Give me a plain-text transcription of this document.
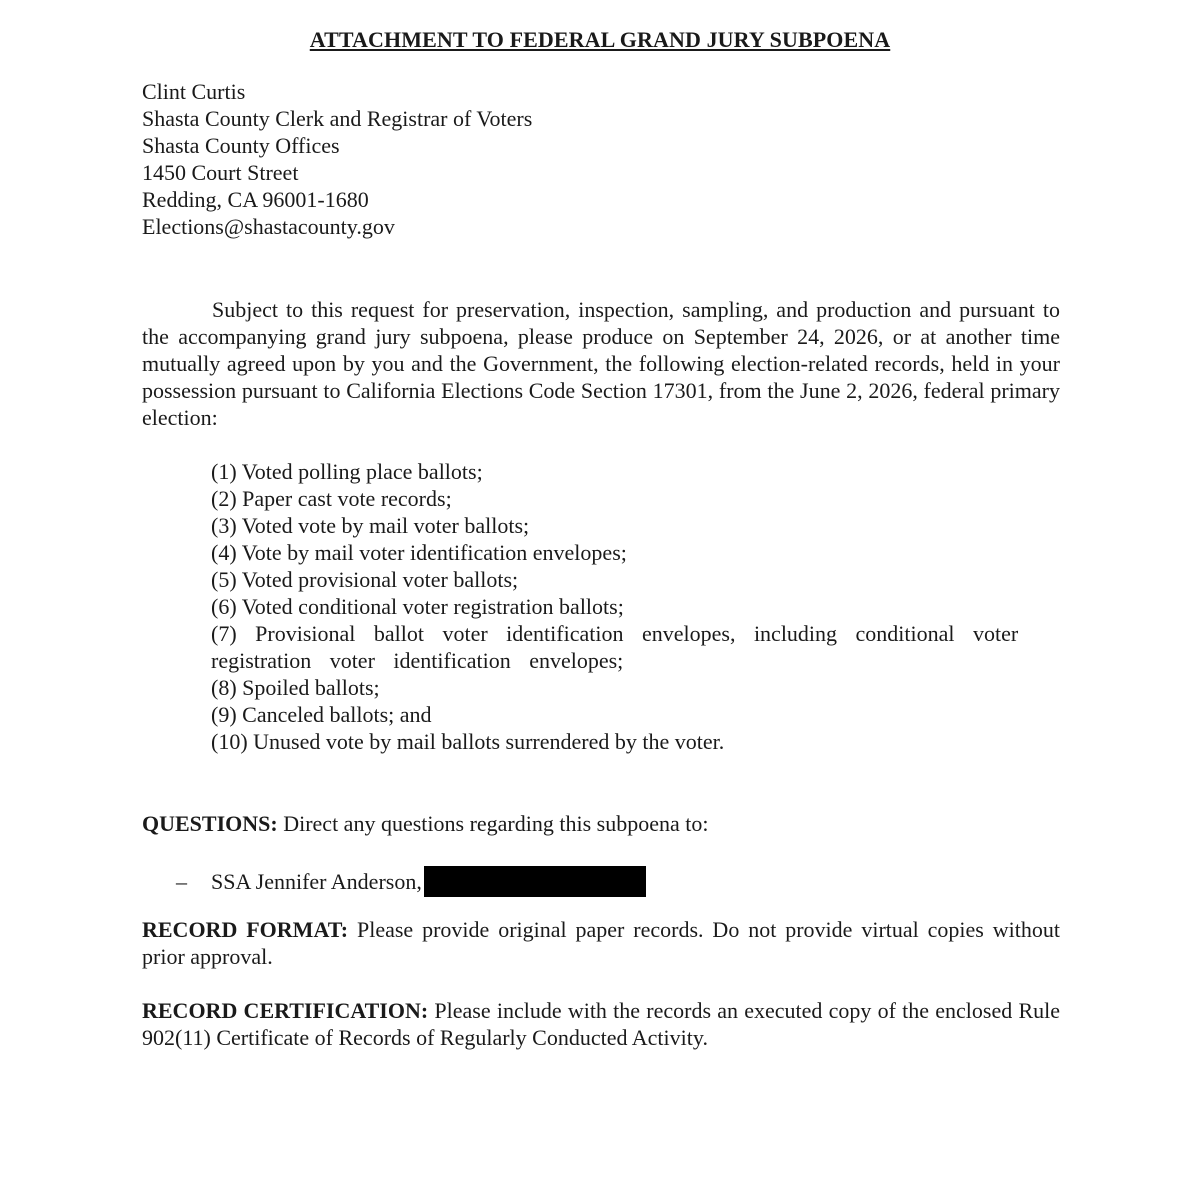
ATTACHMENT TO FEDERAL GRAND JURY SUBPOENA
Clint Curtis
Shasta County Clerk and Registrar of Voters
Shasta County Offices
1450 Court Street
Redding, CA 96001-1680
Elections@shastacounty.gov

Subject to this request for preservation, inspection, sampling, and production and pursuant to the accompanying grand jury subpoena, please produce on September 24, 2026, or at another time mutually agreed upon by you and the Government, the following election-related records, held in your possession pursuant to California Elections Code Section 17301, from the June 2, 2026, federal primary election:

(1) Voted polling place ballots;
(2) Paper cast vote records;
(3) Voted vote by mail voter ballots;
(4) Vote by mail voter identification envelopes;
(5) Voted provisional voter ballots;
(6) Voted conditional voter registration ballots;
(7) Provisional ballot voter identification envelopes, including conditional voter registration voter identification envelopes;
(8) Spoiled ballots;
(9) Canceled ballots; and
(10) Unused vote by mail ballots surrendered by the voter.
QUESTIONS: Direct any questions regarding this subpoena to:
–	SSA Jennifer Anderson,

RECORD FORMAT: Please provide original paper records. Do not provide virtual copies without prior approval.

RECORD CERTIFICATION: Please include with the records an executed copy of the enclosed Rule 902(11) Certificate of Records of Regularly Conducted Activity.
